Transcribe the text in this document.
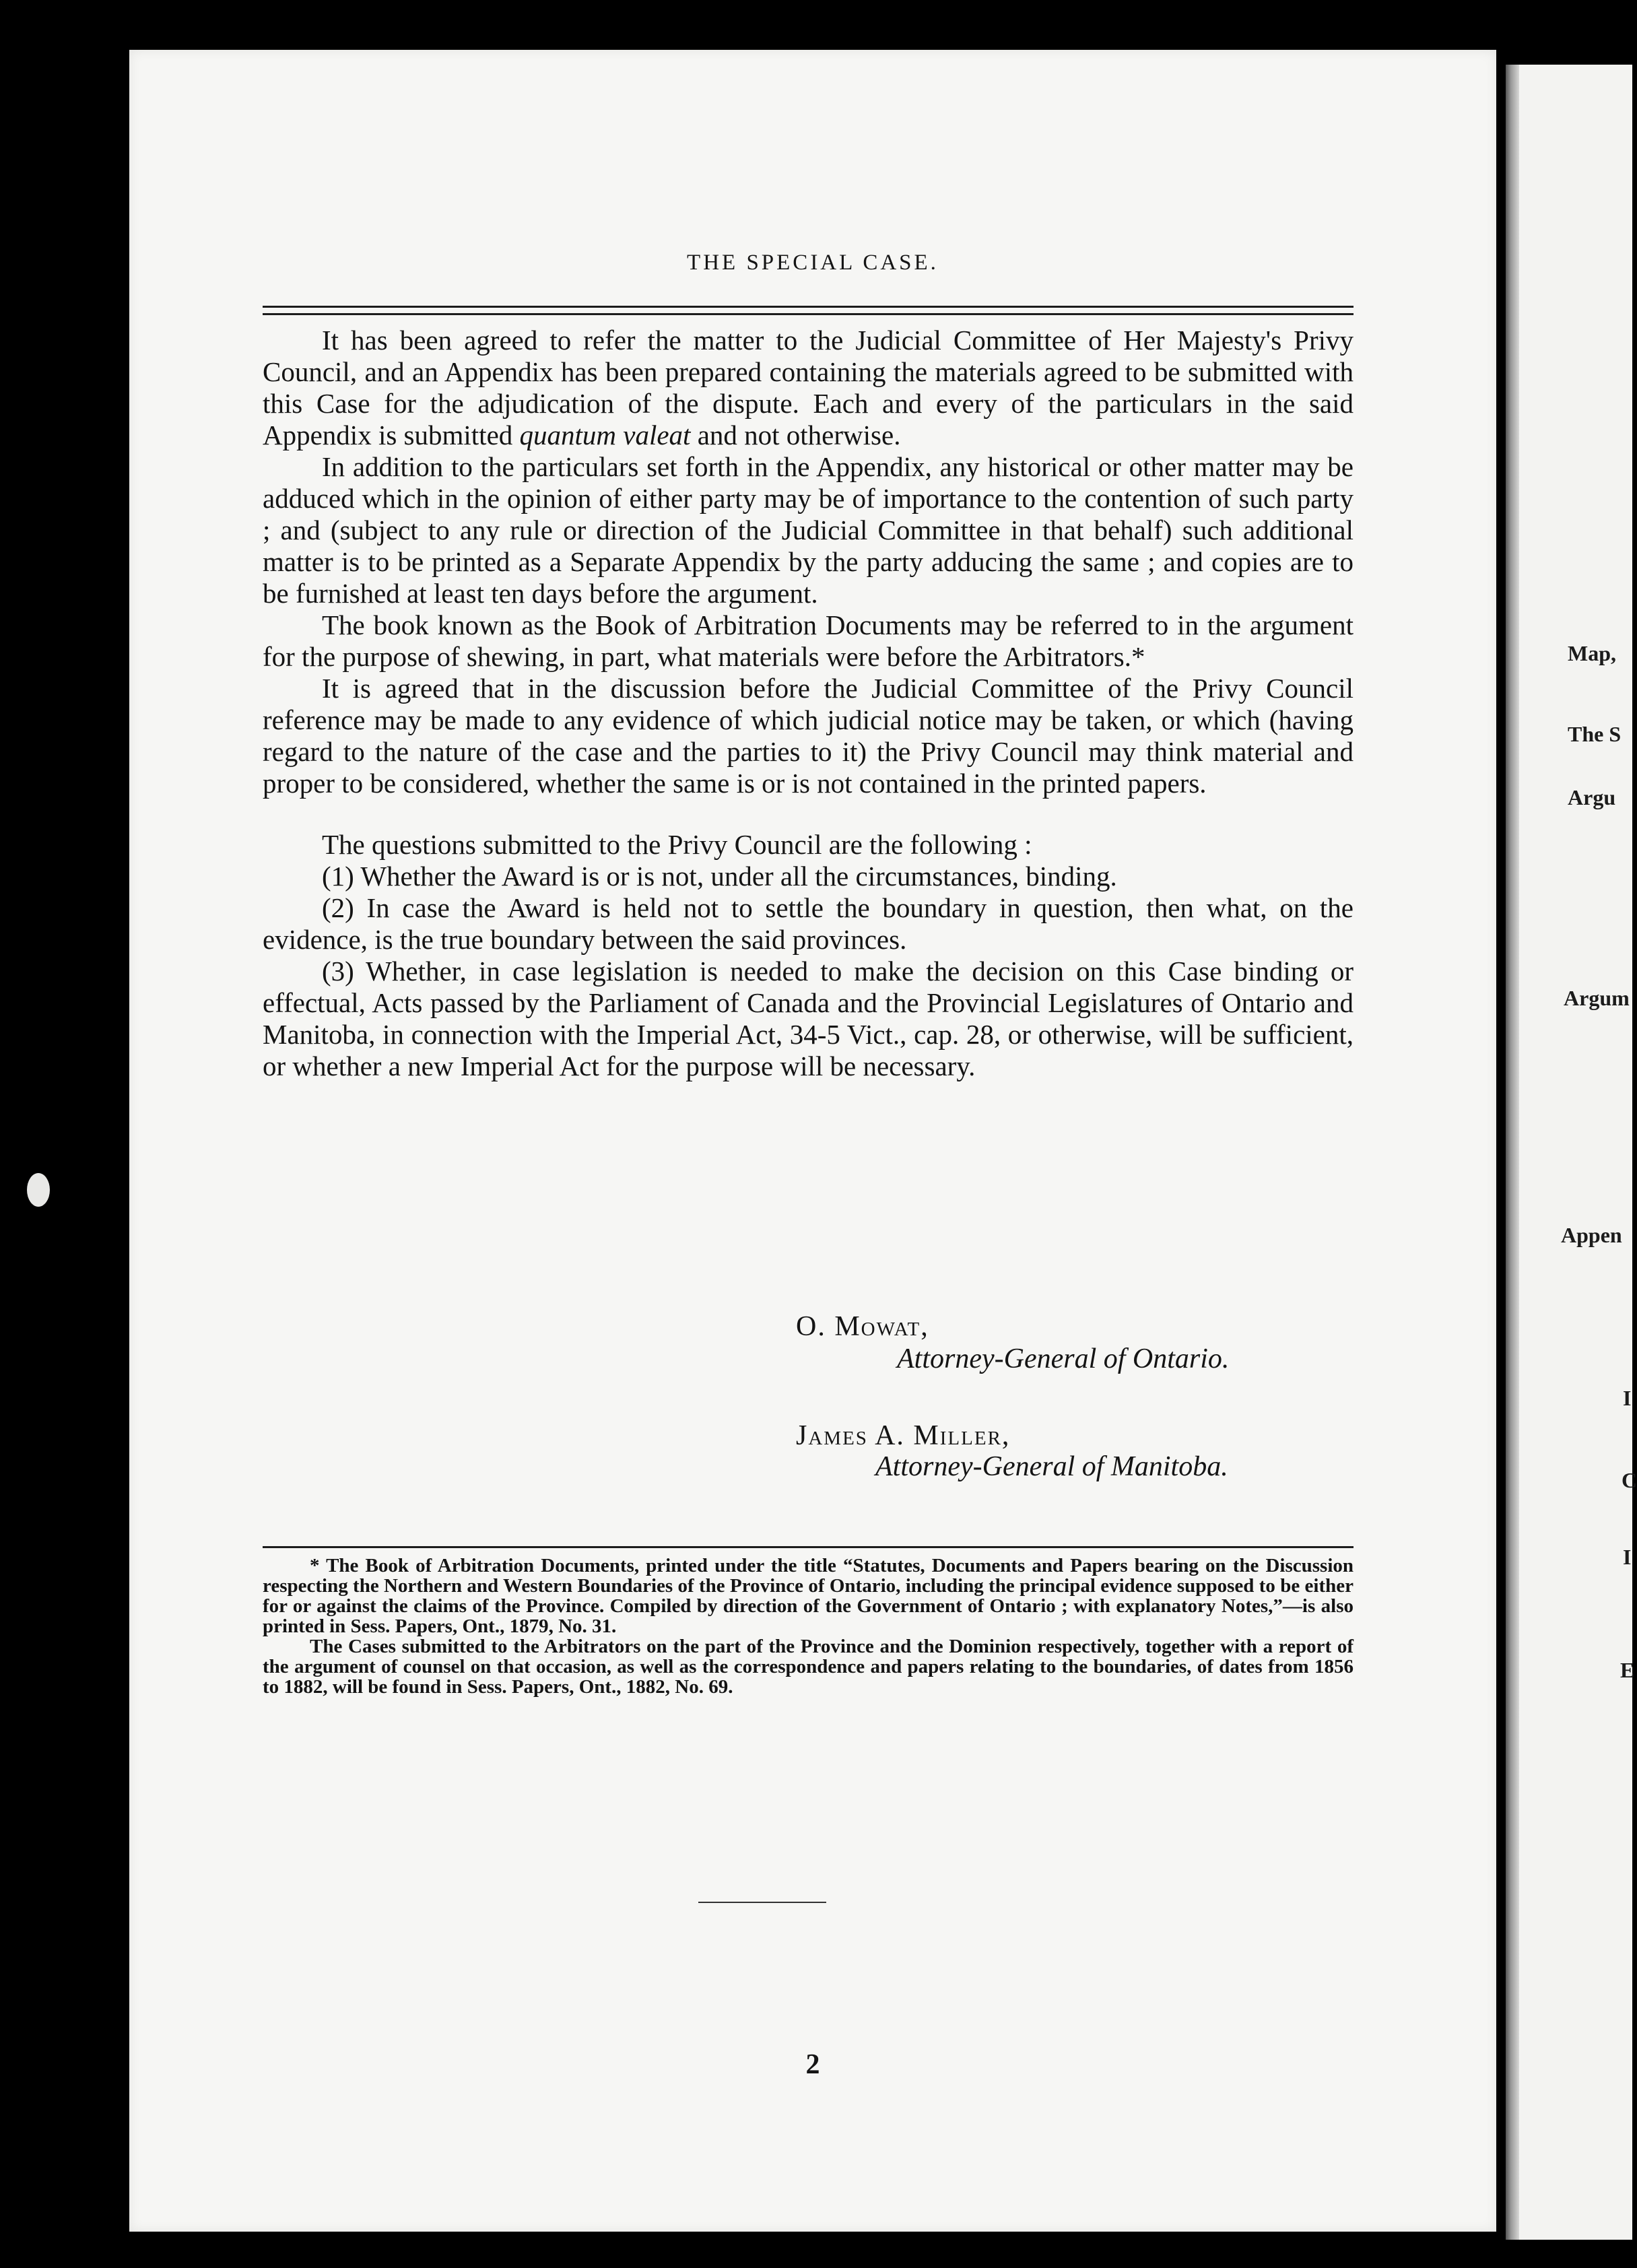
THE SPECIAL CASE.

It has been agreed to refer the matter to the Judicial Committee of Her Majesty's Privy Council, and an Appendix has been prepared containing the materials agreed to be submitted with this Case for the adjudication of the dispute. Each and every of the particulars in the said Appendix is submitted quantum valeat and not otherwise.

In addition to the particulars set forth in the Appendix, any historical or other matter may be adduced which in the opinion of either party may be of importance to the contention of such party ; and (subject to any rule or direction of the Judicial Committee in that behalf) such additional matter is to be printed as a Separate Appendix by the party adducing the same ; and copies are to be furnished at least ten days before the argument.

The book known as the Book of Arbitration Documents may be referred to in the argument for the purpose of shewing, in part, what materials were before the Arbitrators.*

It is agreed that in the discussion before the Judicial Committee of the Privy Council reference may be made to any evidence of which judicial notice may be taken, or which (having regard to the nature of the case and the parties to it) the Privy Council may think material and proper to be considered, whether the same is or is not contained in the printed papers.

The questions submitted to the Privy Council are the following :

(1) Whether the Award is or is not, under all the circumstances, binding.

(2) In case the Award is held not to settle the boundary in question, then what, on the evidence, is the true boundary between the said provinces.

(3) Whether, in case legislation is needed to make the decision on this Case binding or effectual, Acts passed by the Parliament of Canada and the Provincial Legislatures of Ontario and Manitoba, in connection with the Imperial Act, 34-5 Vict., cap. 28, or otherwise, will be sufficient, or whether a new Imperial Act for the purpose will be necessary.

O. Mowat,
Attorney-General of Ontario.
James A. Miller,
Attorney-General of Manitoba.

* The Book of Arbitration Documents, printed under the title “Statutes, Documents and Papers bearing on the Discussion respecting the Northern and Western Boundaries of the Province of Ontario, including the principal evidence supposed to be either for or against the claims of the Province. Compiled by direction of the Government of Ontario ; with explanatory Notes,”—is also printed in Sess. Papers, Ont., 1879, No. 31.

The Cases submitted to the Arbitrators on the part of the Province and the Dominion respectively, together with a report of the argument of counsel on that occasion, as well as the correspondence and papers relating to the boundaries, of dates from 1856 to 1882, will be found in Sess. Papers, Ont., 1882, No. 69.

2
Map,
The S
Argu
Argum
Appen
I
C
I
E
